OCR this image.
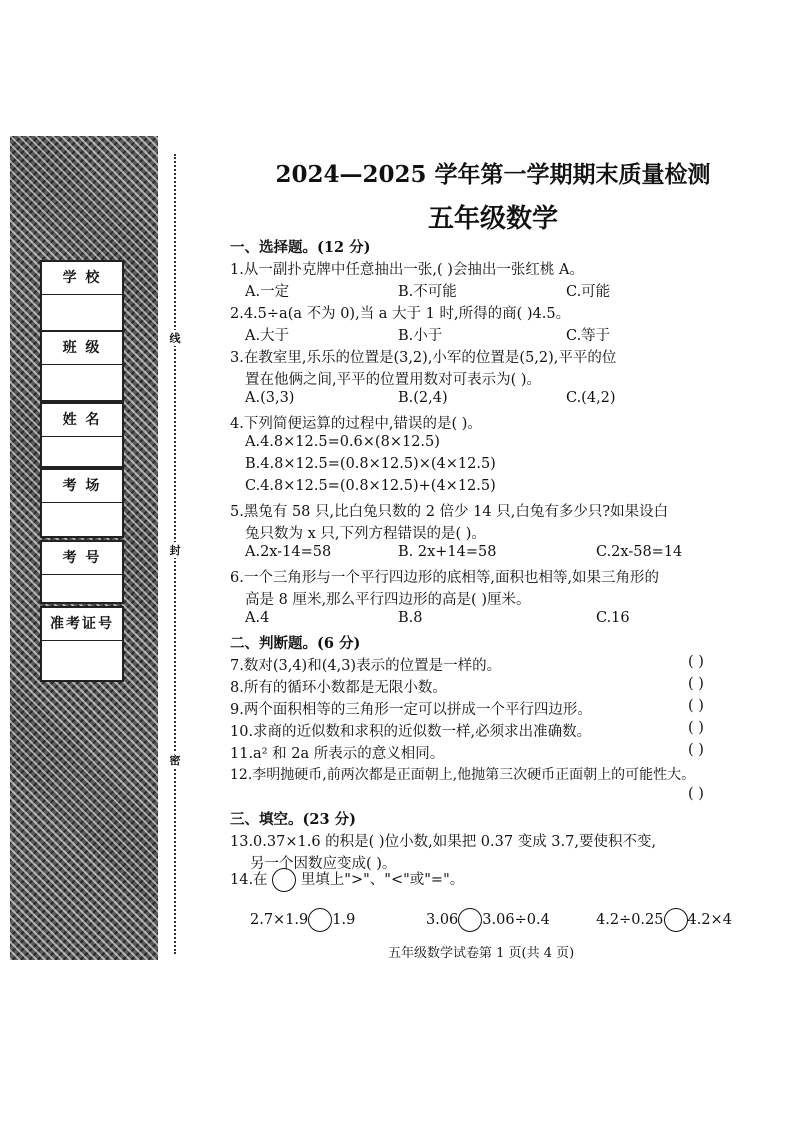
学 校
班 级
姓 名
考 场
考 号
准考证号
线
封
密
2024—2025 学年第一学期期末质量检测
五年级数学
一、选择题。(12 分)
1.从一副扑克牌中任意抽出一张,( )会抽出一张红桃 A。
A.一定	B.不可能	C.可能
2.4.5÷a(a 不为 0),当 a 大于 1 时,所得的商( )4.5。
A.大于	B.小于	C.等于
3.在教室里,乐乐的位置是(3,2),小军的位置是(5,2),平平的位
置在他俩之间,平平的位置用数对可表示为( )。
A.(3,3)	B.(2,4)	C.(4,2)
4.下列简便运算的过程中,错误的是( )。
A.4.8×12.5=0.6×(8×12.5)
B.4.8×12.5=(0.8×12.5)×(4×12.5)
C.4.8×12.5=(0.8×12.5)+(4×12.5)
5.黑兔有 58 只,比白兔只数的 2 倍少 14 只,白兔有多少只?如果设白
兔只数为 x 只,下列方程错误的是( )。
A.2x-14=58	B. 2x+14=58	C.2x-58=14
6.一个三角形与一个平行四边形的底相等,面积也相等,如果三角形的
高是 8 厘米,那么平行四边形的高是( )厘米。
A.4	B.8	C.16
二、判断题。(6 分)
7.数对(3,4)和(4,3)表示的位置是一样的。	( )
8.所有的循环小数都是无限小数。	( )
9.两个面积相等的三角形一定可以拼成一个平行四边形。	( )
10.求商的近似数和求积的近似数一样,必须求出准确数。	( )
11.a² 和 2a 所表示的意义相同。	( )
12.李明抛硬币,前两次都是正面朝上,他抛第三次硬币正面朝上的可能性大。
( )
三、填空。(23 分)
13.0.37×1.6 的积是( )位小数,如果把 0.37 变成 3.7,要使积不变,
另一个因数应变成( )。
14.在 里填上">"、"<"或"="。
2.7×1.9 1.9	3.06 3.06÷0.4	4.2÷0.25 4.2×4
五年级数学试卷第 1 页(共 4 页)
